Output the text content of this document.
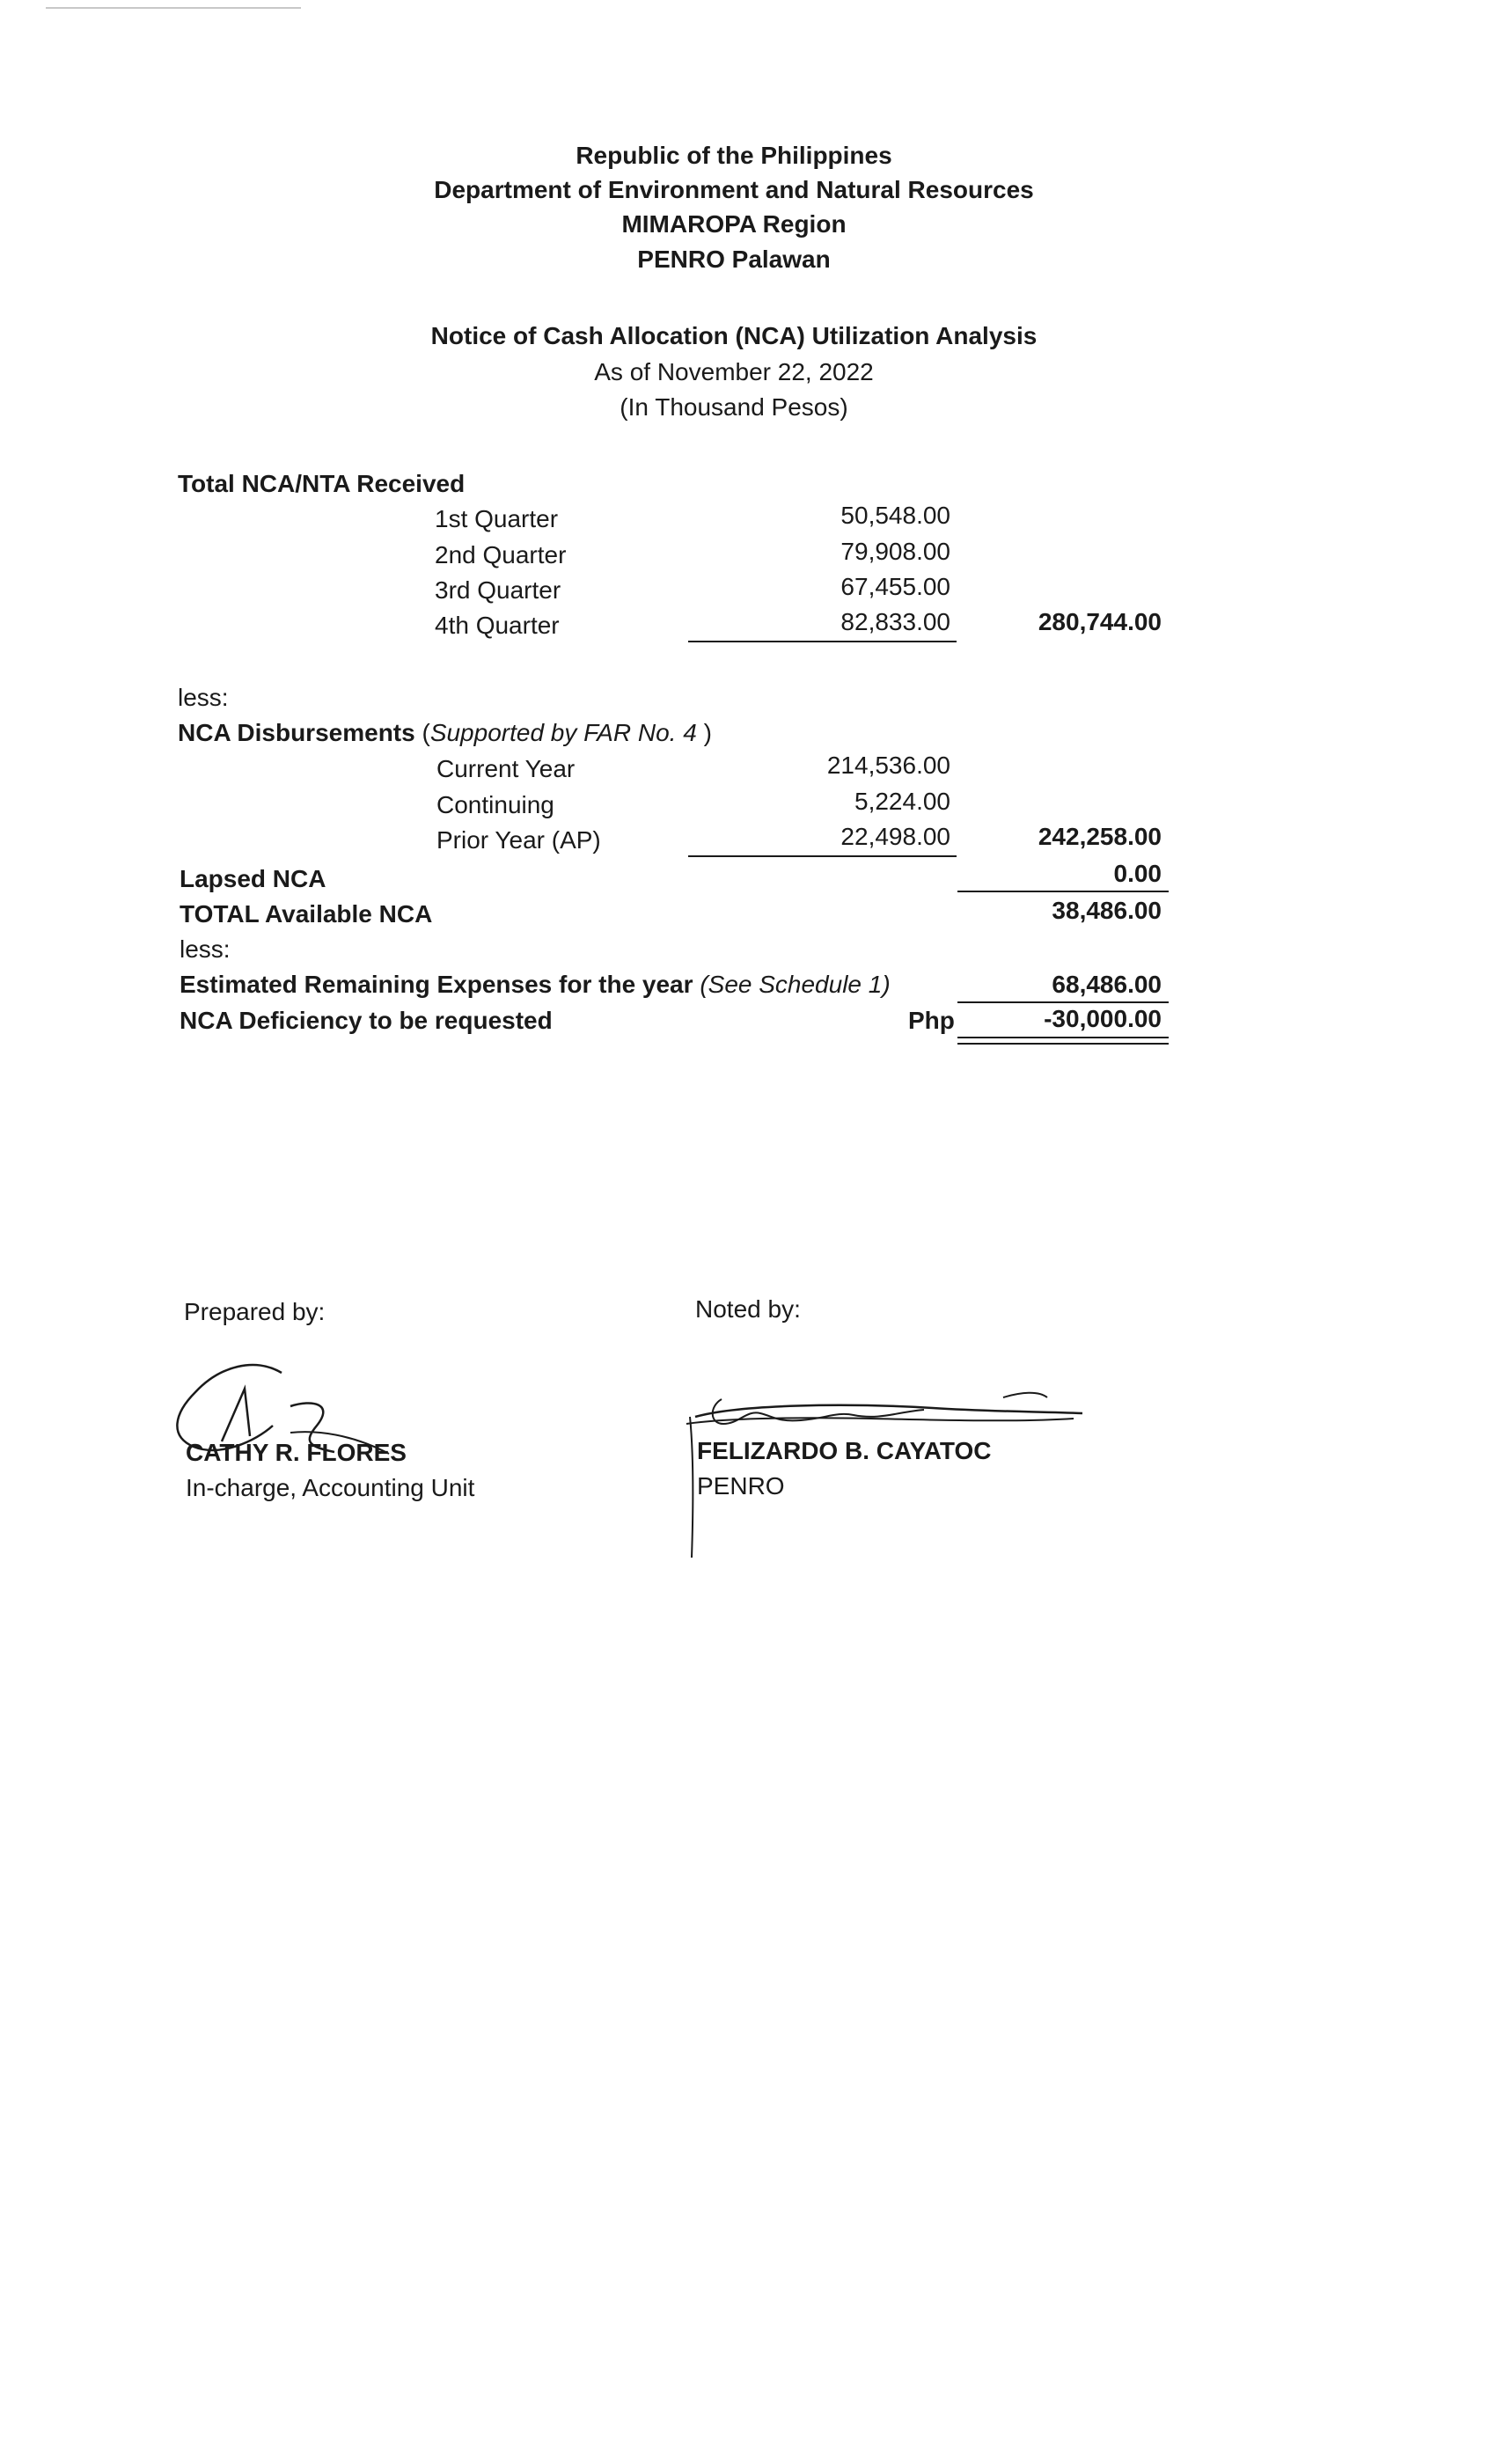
Republic of the Philippines
Department of Environment and Natural Resources
MIMAROPA Region
PENRO Palawan
Notice of Cash Allocation (NCA) Utilization Analysis
As of November 22, 2022
(In Thousand Pesos)
Total NCA/NTA Received
1st Quarter	50,548.00
2nd Quarter	79,908.00
3rd Quarter	67,455.00
4th Quarter	82,833.00	280,744.00
less:
NCA Disbursements (Supported by FAR No. 4 )
Current Year	214,536.00
Continuing	5,224.00
Prior Year (AP)	22,498.00	242,258.00
Lapsed NCA	0.00
TOTAL Available NCA	38,486.00
less:
Estimated Remaining Expenses for the year (See Schedule 1)	68,486.00
NCA Deficiency to be requested	Php	-30,000.00
Prepared by:	Noted by:
CATHY R. FLORES
In-charge, Accounting Unit
FELIZARDO B. CAYATOC
PENRO
